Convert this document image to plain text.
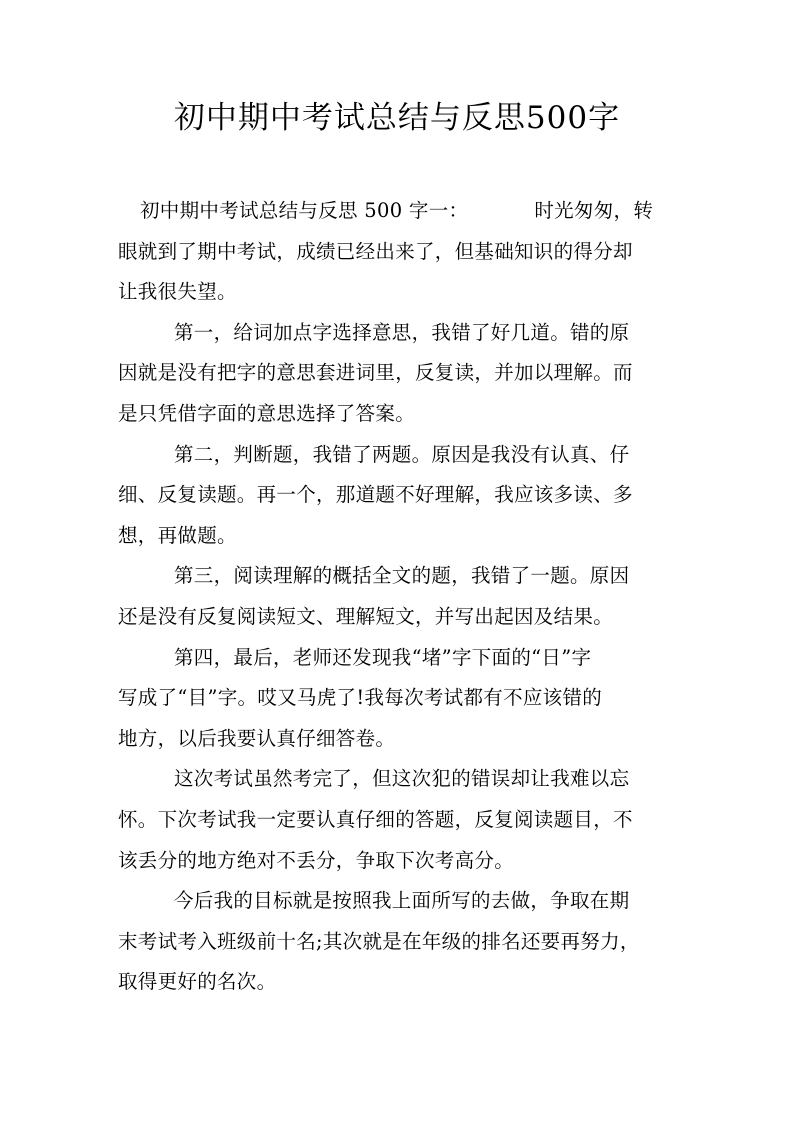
初中期中考试总结与反思500字

初中期中考试总结与反思 500 字一：	时光匆匆，转
眼就到了期中考试，成绩已经出来了，但基础知识的得分却
让我很失望。

第一，给词加点字选择意思，我错了好几道。错的原
因就是没有把字的意思套进词里，反复读，并加以理解。而
是只凭借字面的意思选择了答案。

第二，判断题，我错了两题。原因是我没有认真、仔
细、反复读题。再一个，那道题不好理解，我应该多读、多
想，再做题。

第三，阅读理解的概括全文的题，我错了一题。原因
还是没有反复阅读短文、理解短文，并写出起因及结果。

第四，最后，老师还发现我“堵”字下面的“日”字
写成了“目”字。哎又马虎了!我每次考试都有不应该错的
地方，以后我要认真仔细答卷。

这次考试虽然考完了，但这次犯的错误却让我难以忘
怀。下次考试我一定要认真仔细的答题，反复阅读题目，不
该丢分的地方绝对不丢分，争取下次考高分。

今后我的目标就是按照我上面所写的去做，争取在期
末考试考入班级前十名;其次就是在年级的排名还要再努力，
取得更好的名次。
